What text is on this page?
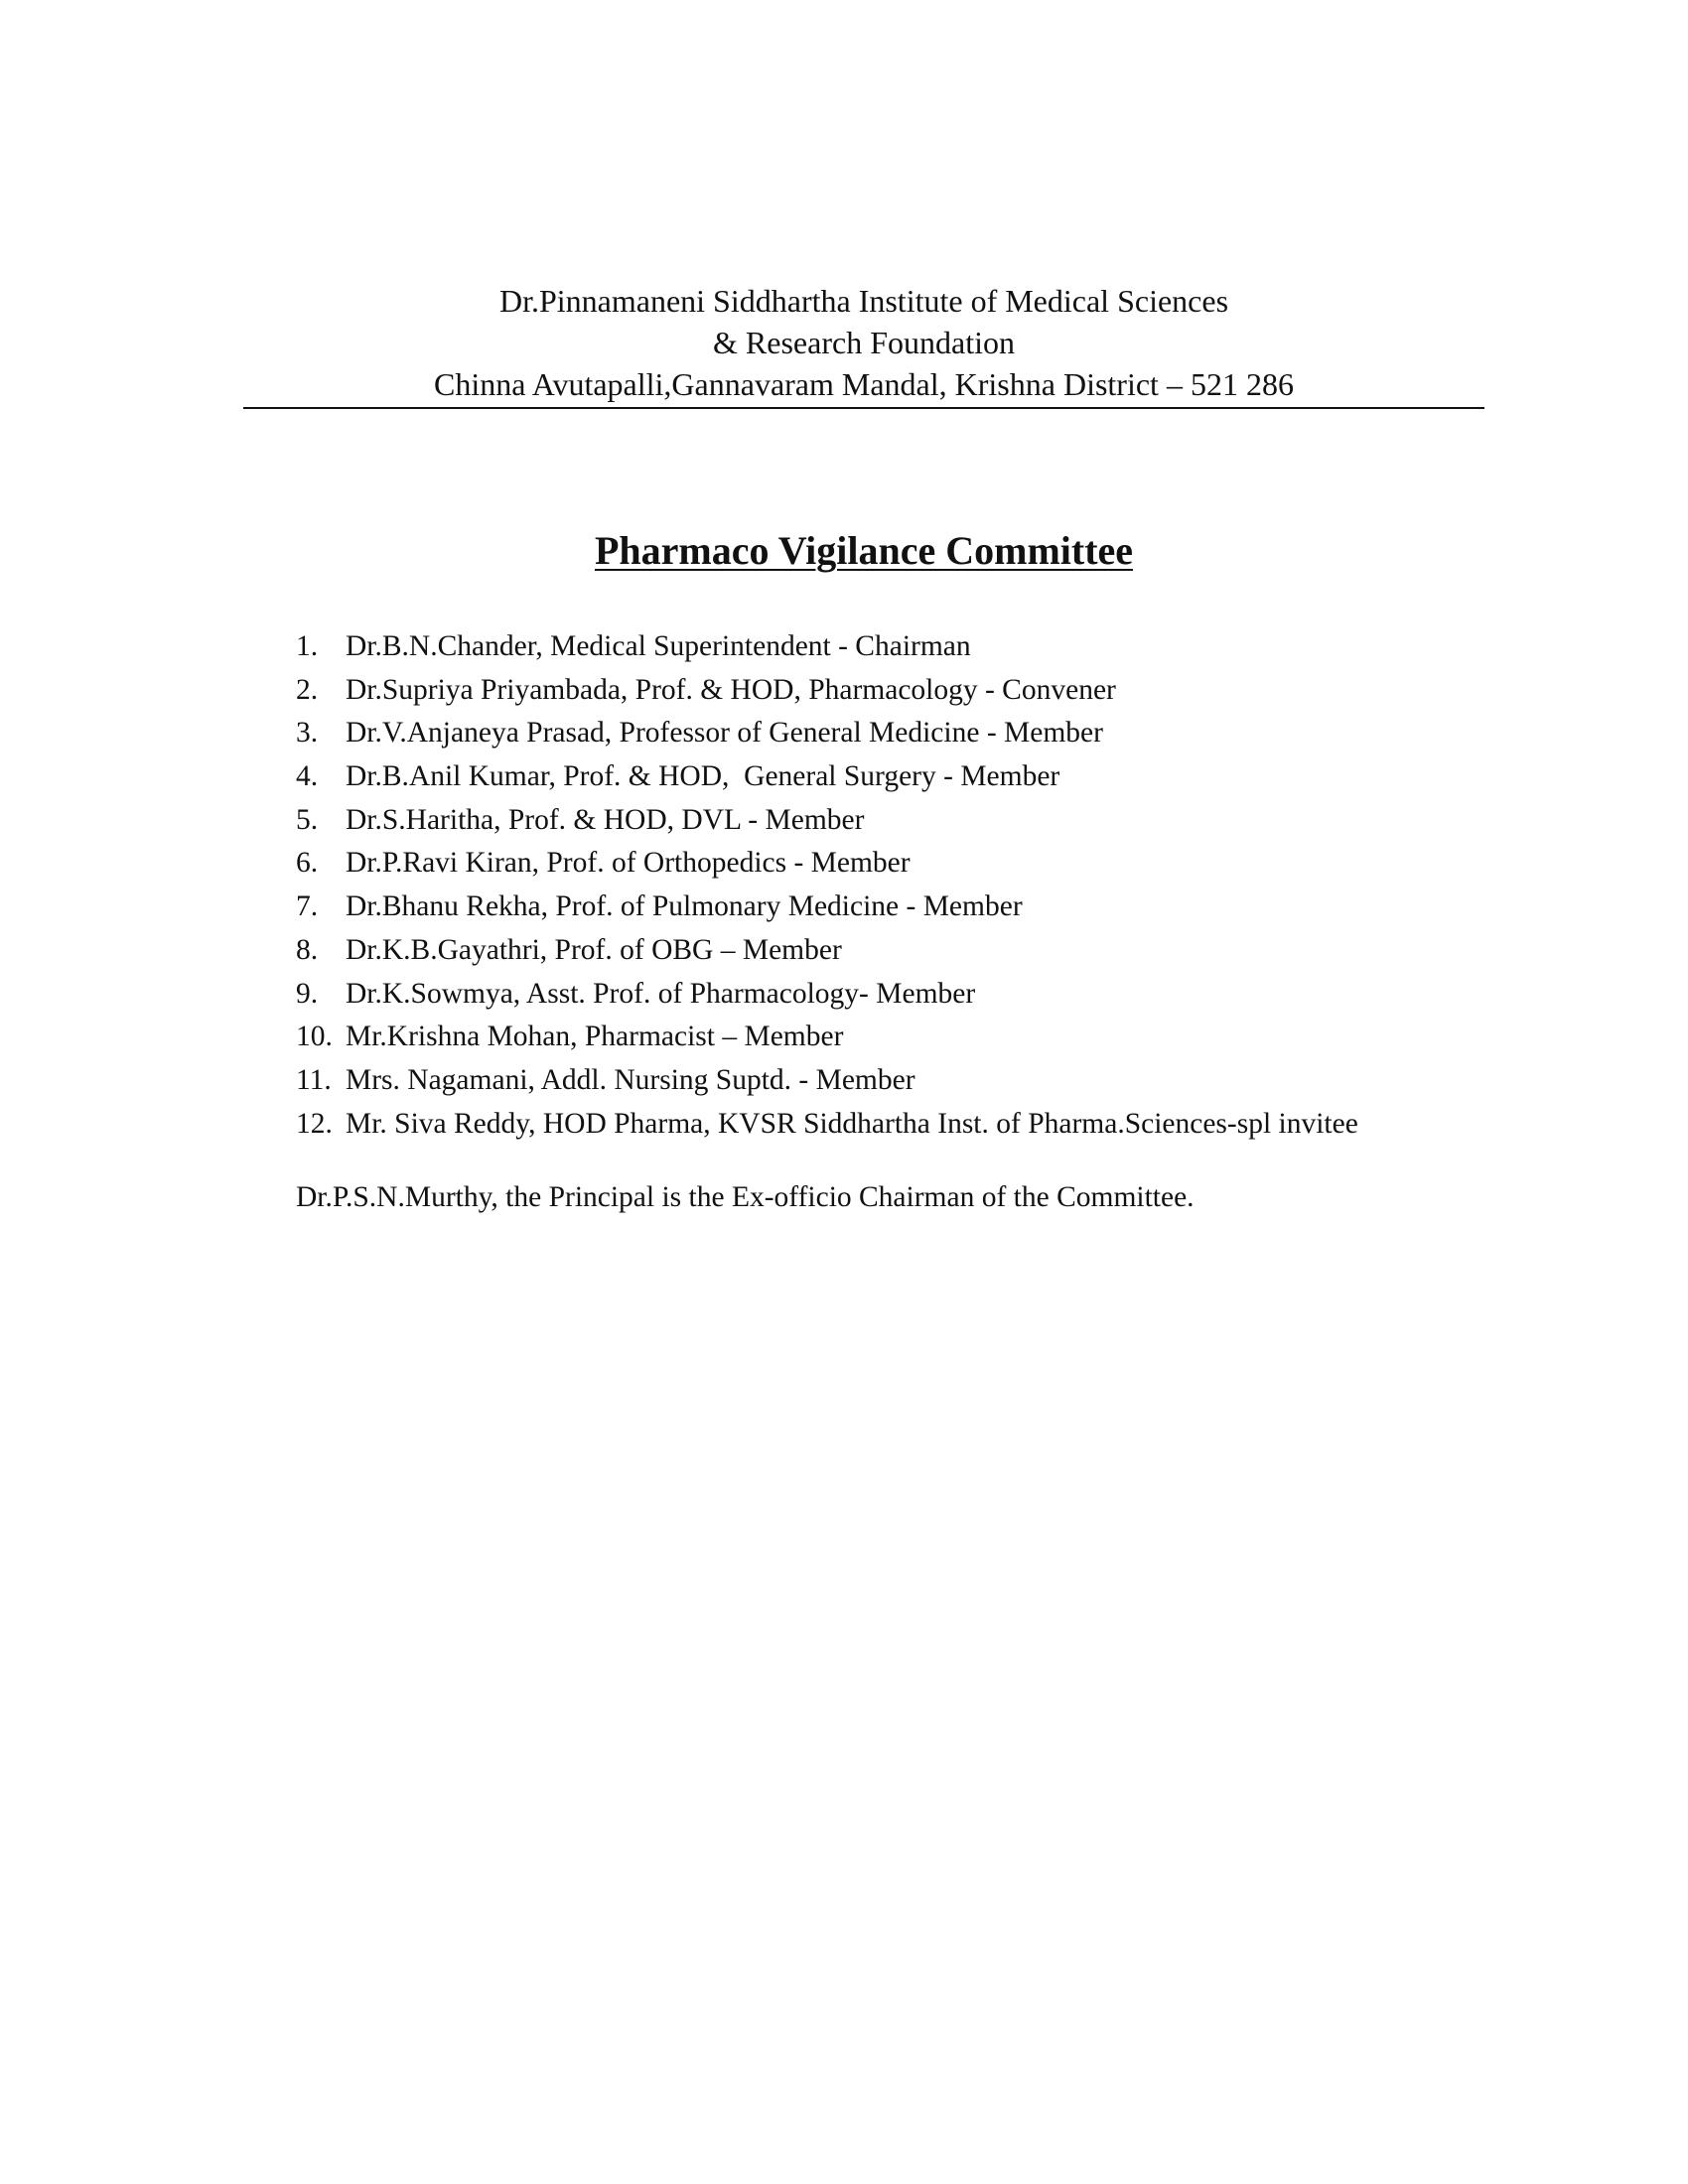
Dr.Pinnamaneni Siddhartha Institute of Medical Sciences
& Research Foundation
Chinna Avutapalli,Gannavaram Mandal, Krishna District – 521 286
Pharmaco Vigilance Committee
1. Dr.B.N.Chander, Medical Superintendent - Chairman
2. Dr.Supriya Priyambada, Prof. & HOD, Pharmacology - Convener
3. Dr.V.Anjaneya Prasad, Professor of General Medicine - Member
4. Dr.B.Anil Kumar, Prof. & HOD,  General Surgery - Member
5. Dr.S.Haritha, Prof. & HOD, DVL - Member
6. Dr.P.Ravi Kiran, Prof. of Orthopedics - Member
7. Dr.Bhanu Rekha, Prof. of Pulmonary Medicine - Member
8. Dr.K.B.Gayathri, Prof. of OBG – Member
9. Dr.K.Sowmya, Asst. Prof. of Pharmacology- Member
10. Mr.Krishna Mohan, Pharmacist – Member
11. Mrs. Nagamani, Addl. Nursing Suptd. - Member
12. Mr. Siva Reddy, HOD Pharma, KVSR Siddhartha Inst. of Pharma.Sciences-spl invitee
Dr.P.S.N.Murthy, the Principal is the Ex-officio Chairman of the Committee.
